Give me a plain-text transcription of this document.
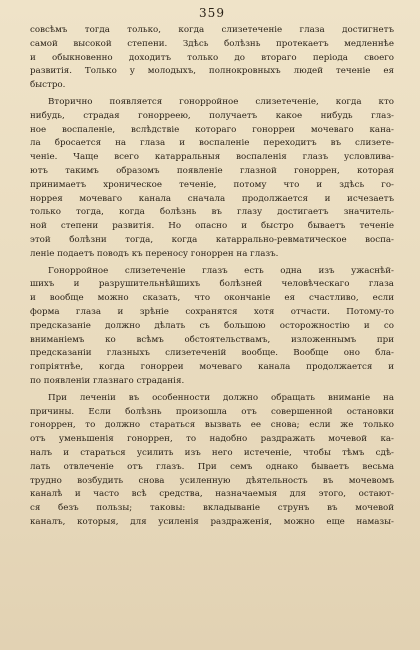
359
совсѣмъ тогда только, когда слизетеченіе глаза достигнетъ
самой высокой степени. Здѣсь болѣзнь протекаетъ медленнѣе
и обыкновенно доходитъ только до втораго періода своего
развитія. Только у молодыхъ, полнокровныхъ людей теченіе ея
быстро.
Вторично появляется гонорройное слизетеченіе, когда кто
нибудь, страдая гонорреею, получаетъ какое нибудь глаз-
ное воспаленіе, вслѣдствіе котораго гонорреи мочеваго кана-
ла бросается на глаза и воспаленіе переходитъ въ слизете-
ченіе. Чаще всего катарральныя воспаленія глазъ условлива-
ютъ такимъ образомъ появленіе глазной гоноррен, которая
принимаетъ хроническое теченіе, потому что и здѣсь го-
норрея мочеваго канала сначала продолжается и исчезаетъ
только тогда, когда болѣзнь въ глазу достигаетъ значитель-
ной степени развитія. Но опасно и быстро бываетъ теченіе
этой болѣзни тогда, когда катаррально-ревматическое воспа-
леніе подаетъ поводъ къ переносу гоноррен на глазъ.
Гонорройное слизетеченіе глазъ есть одна изъ ужаснѣй-
шихъ и разрушительнѣйшихъ болѣзней человѣческаго глаза
и вообще можно сказать, что окончаніе ея счастливо, если
форма глаза и зрѣніе сохранятся хотя отчасти. Потому-то
предсказаніе должно дѣлать съ большою осторожностію и со
вниманіемъ ко всѣмъ обстоятельствамъ, изложеннымъ при
предсказаніи глазныхъ слизетеченій вообще. Вообще оно бла-
гопріятнѣе, когда гонорреи мочеваго канала продолжается и
по появленіи глазнаго страданія.
При леченіи въ особенности должно обращать вниманіе на
причины. Если болѣзнь произошла отъ совершенной остановки
гоноррен, то должно стараться вызвать ее снова; если же только
отъ уменьшенія гоноррен, то надобно раздражать мочевой ка-
налъ и стараться усилить изъ него истеченіе, чтобы тѣмъ сдѣ-
лать отвлеченіе отъ глазъ. При семъ однако бываетъ весьма
трудно возбудить снова усиленную дѣятельность въ мочевомъ
каналѣ и часто всѣ средства, назначаемыя для этого, остают-
ся безъ пользы; таковы: вкладываніе струнъ въ мочевой
каналъ, которыя, для усиленія раздраженія, можно еще намазы-
